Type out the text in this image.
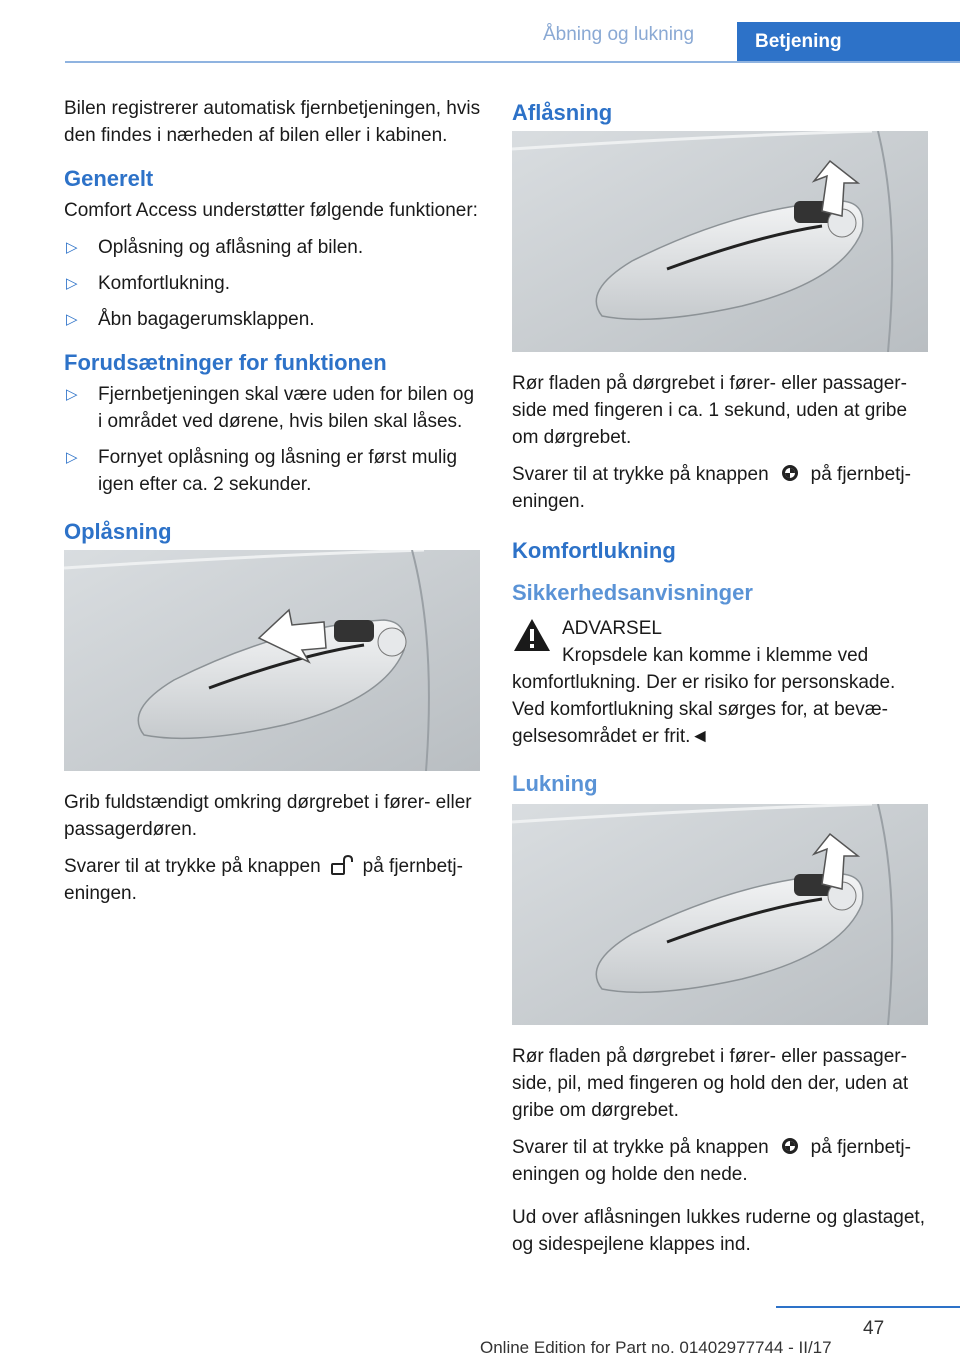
Åbning og lukning	Betjening

Bilen registrerer automatisk fjernbetjeningen, hvis den findes i nærheden af bilen eller i kabinen.

Generelt

Comfort Access understøtter følgende funktioner:

▷ Oplåsning og aflåsning af bilen.
▷ Komfortlukning.
▷ Åbn bagagerumsklappen.
Forudsætninger for funktionen
▷ Fjernbetjeningen skal være uden for bilen og i området ved dørene, hvis bilen skal låses.
▷ Fornyet oplåsning og låsning er først mulig igen efter ca. 2 sekunder.
Oplåsning

Grib fuldstændigt omkring dørgrebet i fører- eller passagerdøren.

Svarer til at trykke på knappen på fjernbetjeningen.

Aflåsning

Rør fladen på dørgrebet i fører- eller passagerside med fingeren i ca. 1 sekund, uden at gribe om dørgrebet.

Svarer til at trykke på knappen på fjernbetjeningen.

Komfortlukning
Sikkerhedsanvisninger
ADVARSEL
Kropsdele kan komme i klemme ved
komfortlukning. Der er risiko for personskade. Ved komfortlukning skal sørges for, at bevægelsesområdet er frit.◄
Lukning

Rør fladen på dørgrebet i fører- eller passagerside, pil, med fingeren og hold den der, uden at gribe om dørgrebet.

Svarer til at trykke på knappen på fjernbetjeningen og holde den nede.

Ud over aflåsningen lukkes ruderne og glastaget, og sidespejlene klappes ind.

47
Online Edition for Part no. 01402977744 - II/17
